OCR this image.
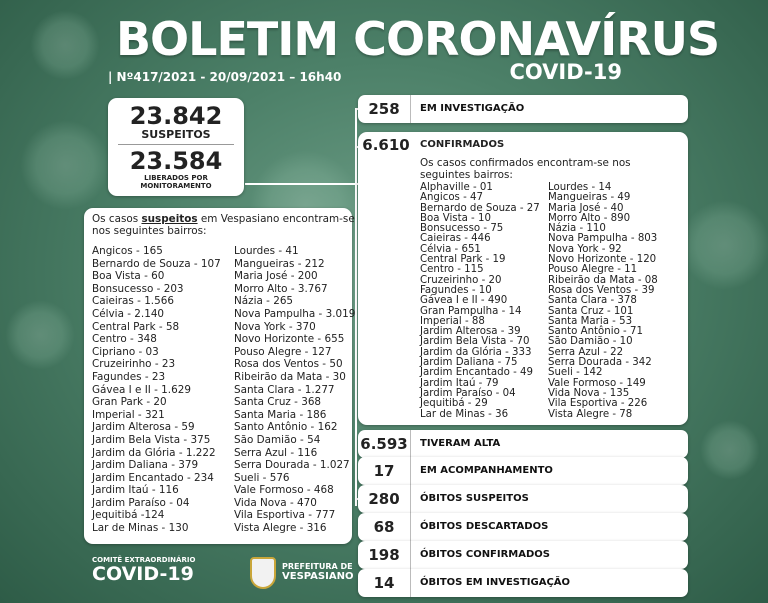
BOLETIM CORONAVÍRUS
COVID-19
| Nº417/2021 - 20/09/2021 – 16h40
23.842
SUSPEITOS
23.584
LIBERADOS POR
MONITORAMENTO
Os casos suspeitos em Vespasiano encontram-se
nos seguintes bairros:
Angicos - 165
Bernardo de Souza - 107
Boa Vista - 60
Bonsucesso - 203
Caieiras - 1.566
Célvia - 2.140
Central Park - 58
Centro - 348
Cipriano - 03
Cruzeirinho - 23
Fagundes - 23
Gávea I e II - 1.629
Gran Park - 20
Imperial - 321
Jardim Alterosa - 59
Jardim Bela Vista - 375
Jardim da Glória - 1.222
Jardim Daliana - 379
Jardim Encantado - 234
Jardim Itaú - 116
Jardim Paraíso - 04
Jequitibá -124
Lar de Minas - 130
Lourdes - 41
Mangueiras - 212
Maria José - 200
Morro Alto - 3.767
Názia - 265
Nova Pampulha - 3.019
Nova York - 370
Novo Horizonte - 655
Pouso Alegre - 127
Rosa dos Ventos - 50
Ribeirão da Mata - 30
Santa Clara - 1.277
Santa Cruz - 368
Santa Maria - 186
Santo Antônio - 162
São Damião - 54
Serra Azul - 116
Serra Dourada - 1.027
Sueli - 576
Vale Formoso - 468
Vida Nova - 470
Vila Esportiva - 777
Vista Alegre - 316
258	EM INVESTIGAÇÃO
6.610	CONFIRMADOS
Os casos confirmados encontram-se nos
seguintes bairros:
Alphaville - 01
Angicos - 47
Bernardo de Souza - 27
Boa Vista - 10
Bonsucesso - 75
Caieiras - 446
Célvia - 651
Central Park - 19
Centro - 115
Cruzeirinho - 20
Fagundes - 10
Gávea I e II - 490
Gran Pampulha - 14
Imperial - 88
Jardim Alterosa - 39
Jardim Bela Vista - 70
Jardim da Glória - 333
Jardim Daliana - 75
Jardim Encantado - 49
Jardim Itaú - 79
Jardim Paraíso - 04
Jequitibá - 29
Lar de Minas - 36
Lourdes - 14
Mangueiras - 49
Maria José - 40
Morro Alto - 890
Názia - 110
Nova Pampulha - 803
Nova York - 92
Novo Horizonte - 120
Pouso Alegre - 11
Ribeirão da Mata - 08
Rosa dos Ventos - 39
Santa Clara - 378
Santa Cruz - 101
Santa Maria - 53
Santo Antônio - 71
São Damião - 10
Serra Azul - 22
Serra Dourada - 342
Sueli - 142
Vale Formoso - 149
Vida Nova - 135
Vila Esportiva - 226
Vista Alegre - 78
6.593	TIVERAM ALTA
17	EM ACOMPANHAMENTO
280	ÓBITOS SUSPEITOS
68	ÓBITOS DESCARTADOS
198	ÓBITOS CONFIRMADOS
14	ÓBITOS EM INVESTIGAÇÃO
COMITÊ EXTRAORDINÁRIO
COVID-19	PREFEITURA DE
VESPASIANO
